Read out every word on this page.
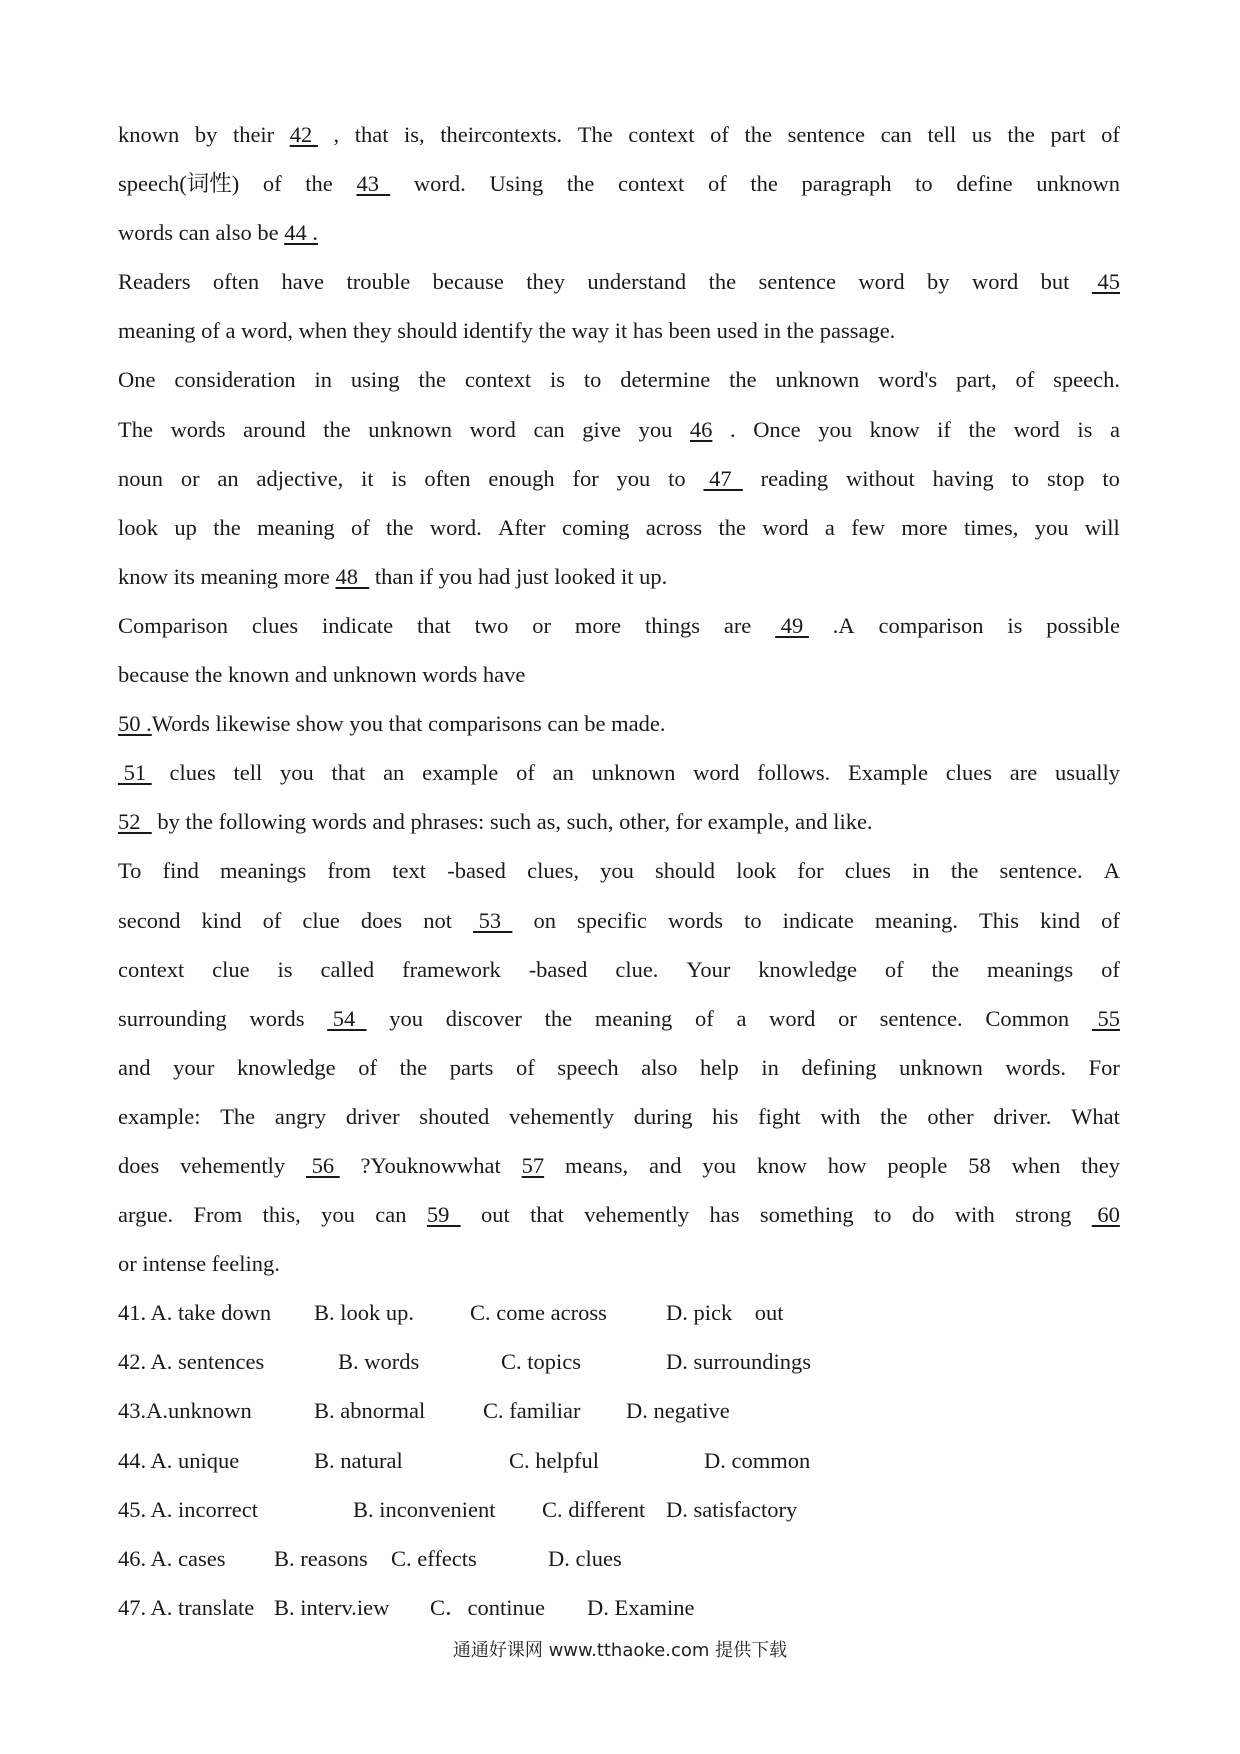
known by their 42 , that is, theircontexts. The context of the sentence can tell us the part of
speech(词性) of the 43 word. Using the context of the paragraph to define unknown
words can also be 44 .
Readers often have trouble because they understand the sentence word by word but 45
meaning of a word, when they should identify the way it has been used in the passage.
One consideration in using the context is to determine the unknown word's part, of speech.
The words around the unknown word can give you 46 . Once you know if the word is a
noun or an adjective, it is often enough for you to 47 reading without having to stop to
look up the meaning of the word. After coming across the word a few more times, you will
know its meaning more 48 than if you had just looked it up.
Comparison clues indicate that two or more things are 49 .A comparison is possible
because the known and unknown words have
50 . Words likewise show you that comparisons can be made.
51 clues tell you that an example of an unknown word follows. Example clues are usually
52 by the following words and phrases: such as, such, other, for example, and like.
To find meanings from text -based clues, you should look for clues in the sentence. A
second kind of clue does not 53 on specific words to indicate meaning. This kind of
context clue is called framework -based clue. Your knowledge of the meanings of
surrounding words 54 you discover the meaning of a word or sentence. Common 55
and your knowledge of the parts of speech also help in defining unknown words. For
example: The angry driver shouted vehemently during his fight with the other driver. What
does vehemently 56 ?Youknowwhat 57 means, and you know how people 58 when they
argue. From this, you can 59 out that vehemently has something to do with strong 60
or intense feeling.
41. A. take down B. look up. C. come across	D. pick    out
42. A. sentences	B. words	C. topics	D. surroundings
43.A.unknown	B. abnormal	C. familiar D. negative
44. A. unique	B. natural	C. helpful	D. common
45. A. incorrect	B. inconvenient C. different D. satisfactory
46. A. cases B. reasons C. effects	D. clues
47. A. translate B. interv.iew C．continue D. Examine
通通好课网 www.tthaoke.com 提供下载
